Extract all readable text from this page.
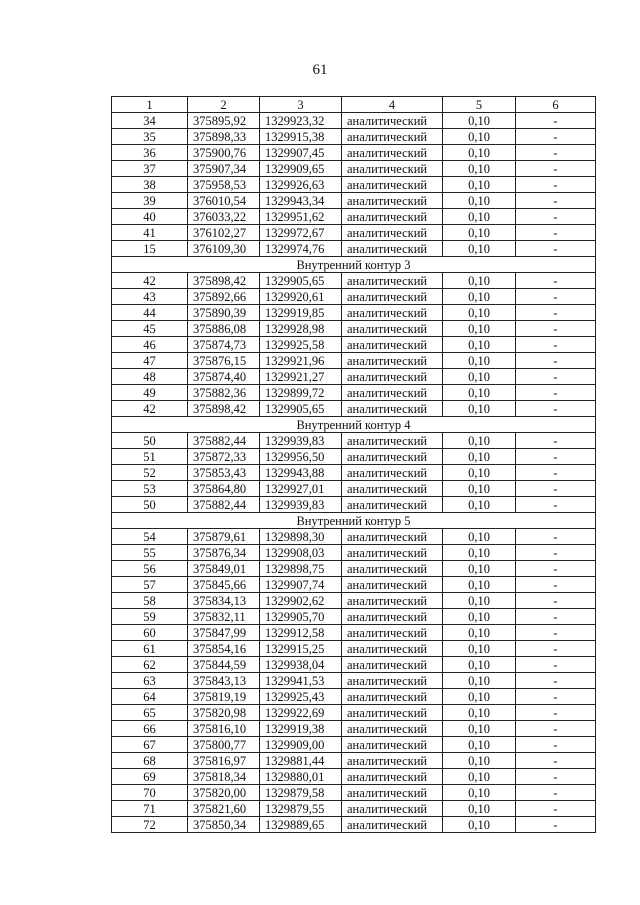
61
1	2	3	4	5	6
34	375895,92	1329923,32	аналитический	0,10	-
35	375898,33	1329915,38	аналитический	0,10	-
36	375900,76	1329907,45	аналитический	0,10	-
37	375907,34	1329909,65	аналитический	0,10	-
38	375958,53	1329926,63	аналитический	0,10	-
39	376010,54	1329943,34	аналитический	0,10	-
40	376033,22	1329951,62	аналитический	0,10	-
41	376102,27	1329972,67	аналитический	0,10	-
15	376109,30	1329974,76	аналитический	0,10	-
Внутренний контур 3					
42	375898,42	1329905,65	аналитический	0,10	-
43	375892,66	1329920,61	аналитический	0,10	-
44	375890,39	1329919,85	аналитический	0,10	-
45	375886,08	1329928,98	аналитический	0,10	-
46	375874,73	1329925,58	аналитический	0,10	-
47	375876,15	1329921,96	аналитический	0,10	-
48	375874,40	1329921,27	аналитический	0,10	-
49	375882,36	1329899,72	аналитический	0,10	-
42	375898,42	1329905,65	аналитический	0,10	-
Внутренний контур 4					
50	375882,44	1329939,83	аналитический	0,10	-
51	375872,33	1329956,50	аналитический	0,10	-
52	375853,43	1329943,88	аналитический	0,10	-
53	375864,80	1329927,01	аналитический	0,10	-
50	375882,44	1329939,83	аналитический	0,10	-
Внутренний контур 5					
54	375879,61	1329898,30	аналитический	0,10	-
55	375876,34	1329908,03	аналитический	0,10	-
56	375849,01	1329898,75	аналитический	0,10	-
57	375845,66	1329907,74	аналитический	0,10	-
58	375834,13	1329902,62	аналитический	0,10	-
59	375832,11	1329905,70	аналитический	0,10	-
60	375847,99	1329912,58	аналитический	0,10	-
61	375854,16	1329915,25	аналитический	0,10	-
62	375844,59	1329938,04	аналитический	0,10	-
63	375843,13	1329941,53	аналитический	0,10	-
64	375819,19	1329925,43	аналитический	0,10	-
65	375820,98	1329922,69	аналитический	0,10	-
66	375816,10	1329919,38	аналитический	0,10	-
67	375800,77	1329909,00	аналитический	0,10	-
68	375816,97	1329881,44	аналитический	0,10	-
69	375818,34	1329880,01	аналитический	0,10	-
70	375820,00	1329879,58	аналитический	0,10	-
71	375821,60	1329879,55	аналитический	0,10	-
72	375850,34	1329889,65	аналитический	0,10	-
